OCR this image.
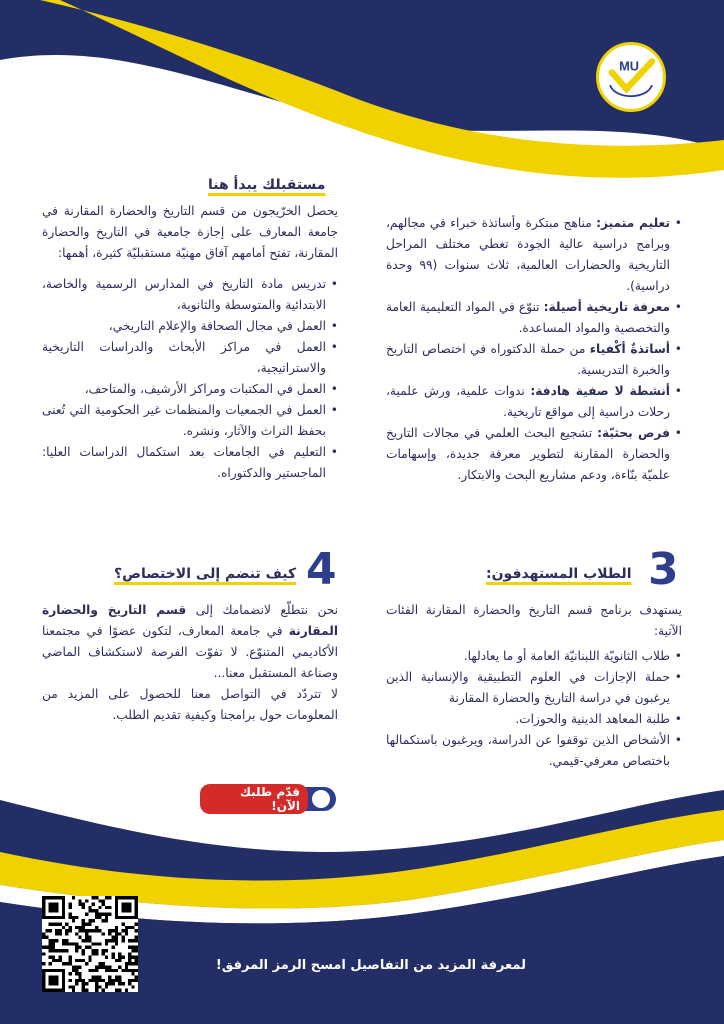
MU
مستقبلك يبدأ هنا

يحصل الخرّيجون من قسم التاريخ والحضارة المقارنة في جامعة المعارف على إجازة جامعية في التاريخ والحضارة المقارنة، تفتح أمامهم آفاق مهنيّة مستقبليّة كثيرة، أهمها:

• تدريس مادة التاريخ في المدارس الرسمية والخاصة، الابتدائية والمتوسطة والثانوية،
• العمل في مجال الصحافة والإعلام التاريخي،
• العمل في مراكز الأبحاث والدراسات التاريخية والاستراتيجية،
• العمل في المكتبات ومراكز الأرشيف، والمتاحف،
• العمل في الجمعيات والمنظمات غير الحكومية التي تُعنى بحفظ التراث والآثار، ونشره.
• التعليم في الجامعات بعد استكمال الدراسات العليا: الماجستير والدكتوراه.
• تعليم متميز: مناهج مبتكرة وأساتذة خبراء في مجالهم، وبرامج دراسية عالية الجودة تغطي مختلف المراحل التاريخية والحضارات العالمية، ثلاث سنوات (٩٩ وحدة دراسية).
• معرفة تاريخية أصيلة: تنوّع في المواد التعليمية العامة والتخصصية والمواد المساعدة.
• أساتذةٌ أكْفياء من حملة الدكتوراه في اختصاص التاريخ والخبرة التدريسية.
• أنشطة لا صفية هادفة: ندوات علمية، ورش علمية، رحلات دراسية إلى مواقع تاريخية.
• فرص بحثيّة: تشجيع البحث العلمي في مجالات التاريخ والحضارة المقارنة لتطوير معرفة جديدة، وإسهامات علميّة بنّاءة، ودعم مشاريع البحث والابتكار.
4
كيف تنضم إلى الاختصاص؟

نحن نتطلّع لانضمامك إلى قسم التاريخ والحضارة المقارنة في جامعة المعارف، لتكون عضوًا في مجتمعنا الأكاديمي المتنوّع. لا تفوّت الفرصة لاستكشاف الماضي وصناعة المستقبل معنا...

لا تتردّد في التواصل معنا للحصول على المزيد من المعلومات حول برامجنا وكيفية تقديم الطلب.

قدّم طلبك الآن!
3
الطلاب المستهدفون:

يستهدف برنامج قسم التاريخ والحضارة المقارنة الفئات الآتية:

• طلاب الثانويّة اللبنانيّة العامة أو ما يعادلها.
• حملة الإجازات في العلوم التطبيقية والإنسانية الذين يرغبون في دراسة التاريخ والحضارة المقارنة
• طلبة المعاهد الدينية والحوزات.
• الأشخاص الذين توقفوا عن الدراسة، ويرغبون باستكمالها باختصاص معرفي-قيمي.
لمعرفة المزيد من التفاصيل امسح الرمز المرفق!
